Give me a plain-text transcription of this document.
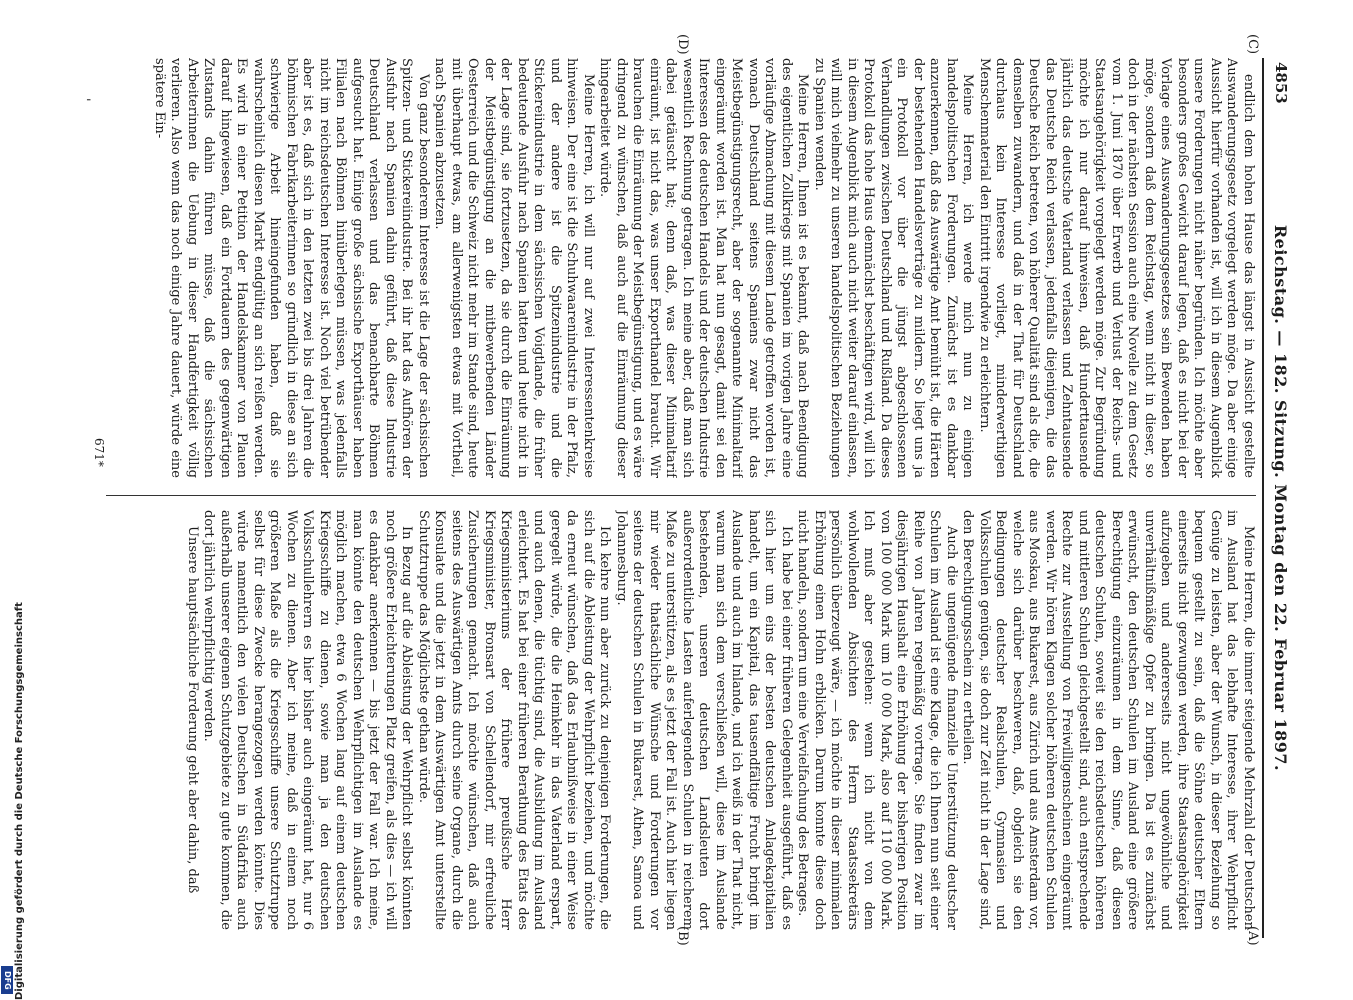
4853
Reichstag. — 182. Sitzung. Montag den 22. Februar 1897.
(C)
(D)
(A)
(B)

endlich dem hohen Hause das längst in Aussicht gestellte Auswanderungsgesetz vorgelegt werden möge. Da aber einige Aussicht hierfür vorhanden ist, will ich in diesem Augenblick unsere Forderungen nicht näher begründen. Ich möchte aber besonders großes Gewicht darauf legen, daß es nicht bei der Vorlage eines Auswanderungsgesetzes sein Bewenden haben möge, sondern daß dem Reichstag, wenn nicht in dieser, so doch in der nächsten Session auch eine Novelle zu dem Gesetz vom 1. Juni 1870 über Erwerb und Verlust der Reichs- und Staatsangehörigkeit vorgelegt werden möge. Zur Begründung möchte ich nur darauf hinweisen, daß Hunderttausende jährlich das deutsche Vaterland verlassen und Zehntausende das Deutsche Reich verlassen, jedenfalls diejenigen, die das Deutsche Reich betreten, von höherer Qualität sind als die, die demselben zuwandern, und daß in der That für Deutschland durchaus kein Interesse vorliegt, minderwerthigen Menschenmaterial den Eintritt irgendwie zu erleichtern.

Meine Herren, ich werde mich nun zu einigen handelspolitischen Forderungen. Zunächst ist es dankbar anzuerkennen, daß das Auswärtige Amt bemüht ist, die Härten der bestehenden Handelsverträge zu mildern. So liegt uns ja ein Protokoll vor über die jüngst abgeschlossenen Verhandlungen zwischen Deutschland und Rußland. Da dieses Protokoll das hohe Haus demnächst beschäftigen wird, will ich in diesem Augenblick mich auch nicht weiter darauf einlassen, will mich vielmehr zu unseren handelspolitischen Beziehungen zu Spanien wenden.

Meine Herren, Ihnen ist es bekannt, daß nach Beendigung des eigentlichen Zollkriegs mit Spanien im vorigen Jahre eine vorläufige Abmachung mit diesem Lande getroffen worden ist, wonach Deutschland seitens Spaniens zwar nicht das Meistbegünstigungsrecht, aber der sogenannte Minimaltarif eingeräumt worden ist. Man hat nun gesagt, damit sei den Interessen des deutschen Handels und der deutschen Industrie wesentlich Rechnung getragen. Ich meine aber, daß man sich dabei getäuscht hat; denn daß, was dieser Minimaltarif einräumt, ist nicht das, was unser Exporthandel braucht. Wir brauchen die Einräumung der Meistbegünstigung, und es wäre dringend zu wünschen, daß auch auf die Einräumung dieser hingearbeitet würde.

Meine Herren, ich will nur auf zwei Interessentenkreise hinweisen. Der eine ist die Schuhwaarenindustrie in der Pfalz, und der andere ist die Spitzenindustrie und die Stickereiindustrie in dem sächsischen Voigtlande, die früher bedeutende Ausfuhr nach Spanien hatten und heute nicht in der Lage sind, sie fortzusetzen, da sie durch die Einräumung der Meistbegünstigung an die mitbewerbenden Länder Oesterreich und die Schweiz nicht mehr im Stande sind, heute mit überhaupt etwas, am allerwenigsten etwas mit Vortheil, nach Spanien abzusetzen.

Von ganz besonderem Interesse ist die Lage der sächsischen Spitzen- und Stickereiindustrie. Bei ihr hat das Aufhören der Ausfuhr nach Spanien dahin geführt, daß diese Industrie Deutschland verlassen und das benachbarte Böhmen aufgesucht hat. Einige große sächsische Exporthäuser haben Filialen nach Böhmen hinüberlegen müssen, was jedenfalls nicht im reichsdeutschen Interesse ist. Noch viel betrübender aber ist es, daß sich in den letzten zwei bis drei Jahren die böhmischen Fabrikarbeiterinnen so gründlich in diese an sich schwierige Arbeit hineingefunden haben, daß sie wahrscheinlich diesen Markt endgültig an sich reißen werden. Es wird in einer Petition der Handelskammer von Plauen darauf hingewiesen, daß ein Fortdauern des gegenwärtigen Zustands dahin führen müsse, daß die sächsischen Arbeiterinnen die Uebung in dieser Handfertigkeit völlig verlieren. Also wenn das noch einige Jahre dauert, würde eine spätere Ein-

Meine Herren, die immer steigende Mehrzahl der Deutschen im Ausland hat das lebhafte Interesse, ihrer Wehrpflicht Genüge zu leisten, aber der Wunsch, in dieser Beziehung so bequem gestellt zu sein, daß die Söhne deutscher Eltern einerseits nicht gezwungen werden, ihre Staatsangehörigkeit aufzugeben und andererseits nicht ungewöhnliche und unverhältnißmäßige Opfer zu bringen. Da ist es zunächst erwünscht, den deutschen Schulen im Ausland eine größere Berechtigung einzuräumen in dem Sinne, daß diesen deutschen Schulen, soweit sie den reichsdeutschen höheren und mittleren Schulen gleichgestellt sind, auch entsprechende Rechte zur Ausstellung von Freiwilligenscheinen eingeräumt werden. Wir hören Klagen solcher höheren deutschen Schulen aus Moskau, aus Bukarest, aus Zürich und aus Amsterdam vor, welche sich darüber beschweren, daß, obgleich sie den Bedingungen deutscher Realschulen, Gymnasien und Volksschulen genügen, sie doch zur Zeit nicht in der Lage sind, den Berechtigungsschein zu ertheilen.

Auch die ungenügende finanzielle Unterstützung deutscher Schulen im Ausland ist eine Klage, die ich Ihnen nun seit einer Reihe von Jahren regelmäßig vortrage. Sie finden zwar im diesjährigen Haushalt eine Erhöhung der bisherigen Position von 100 000 Mark um 10 000 Mark, also auf 110 000 Mark. Ich muß aber gestehen: wenn ich nicht von dem wohlwollenden Absichten des Herrn Staatssekretärs persönlich überzeugt wäre, — ich möchte in dieser minimalen Erhöhung einen Hohn erblicken. Darum konnte diese doch nicht handeln, sondern um eine Vervielfachung des Betrages.

Ich habe bei einer früheren Gelegenheit ausgeführt, daß es sich hier um eins der besten deutschen Anlagekapitalien handelt, um ein Kapital, das tausendfältige Frucht bringt im Auslande und auch im Inlande, und ich weiß in der That nicht, warum man sich dem verschließen will, diese im Auslande bestehenden, unseren deutschen Landsleuten dort außerordentliche Lasten auferlegenden Schulen in reicherem Maße zu unterstützen, als es jetzt der Fall ist. Auch hier liegen mir wieder thatsächliche Wünsche und Forderungen vor seitens der deutschen Schulen in Bukarest, Athen, Samoa und Johannesburg.

Ich kehre nun aber zurück zu denjenigen Forderungen, die sich auf die Ableistung der Wehrpflicht beziehen, und möchte da erneut wünschen, daß das Erlaubnißweise in einer Weise geregelt würde, die die Heimkehr in das Vaterland erspart, und auch denen, die tüchtig sind, die Ausbildung im Ausland erleichtert. Es hat bei einer früheren Berathung des Etats des Kriegsministeriums der frühere preußische Herr Kriegsminister, Bronsart von Schellendorf, mir erfreuliche Zusicherungen gemacht. Ich möchte wünschen, daß auch seitens des Auswärtigen Amts durch seine Organe, durch die Konsulate und die jetzt in dem Auswärtigen Amt unterstellte Schutztruppe das Möglichste gethan würde.

In Bezug auf die Ableistung der Wehrpflicht selbst könnten noch größere Erleichterungen Platz greifen, als dies — ich will es dankbar anerkennen — bis jetzt der Fall war. Ich meine, man könnte den deutschen Wehrpflichtigen im Auslande es möglich machen, etwa 6 Wochen lang auf einem deutschen Kriegsschiffe zu dienen, sowie man ja den deutschen Volksschullehrern es hier bisher auch eingeräumt hat, nur 6 Wochen zu dienen. Aber ich meine, daß in einem noch größeren Maße als die Kriegsschiffe unsere Schutztruppe selbst für diese Zwecke herangezogen werden könnte. Dies würde namentlich den vielen Deutschen in Südafrika auch außerhalb unserer eigenen Schutzgebiete zu gute kommen, die dort jährlich wehrpflichtig werden.

Unsere hauptsächliche Forderung geht aber dahin, daß

671*
'
Digitalisierung gefördert durch die Deutsche Forschungsgemeinschaft
DFG
